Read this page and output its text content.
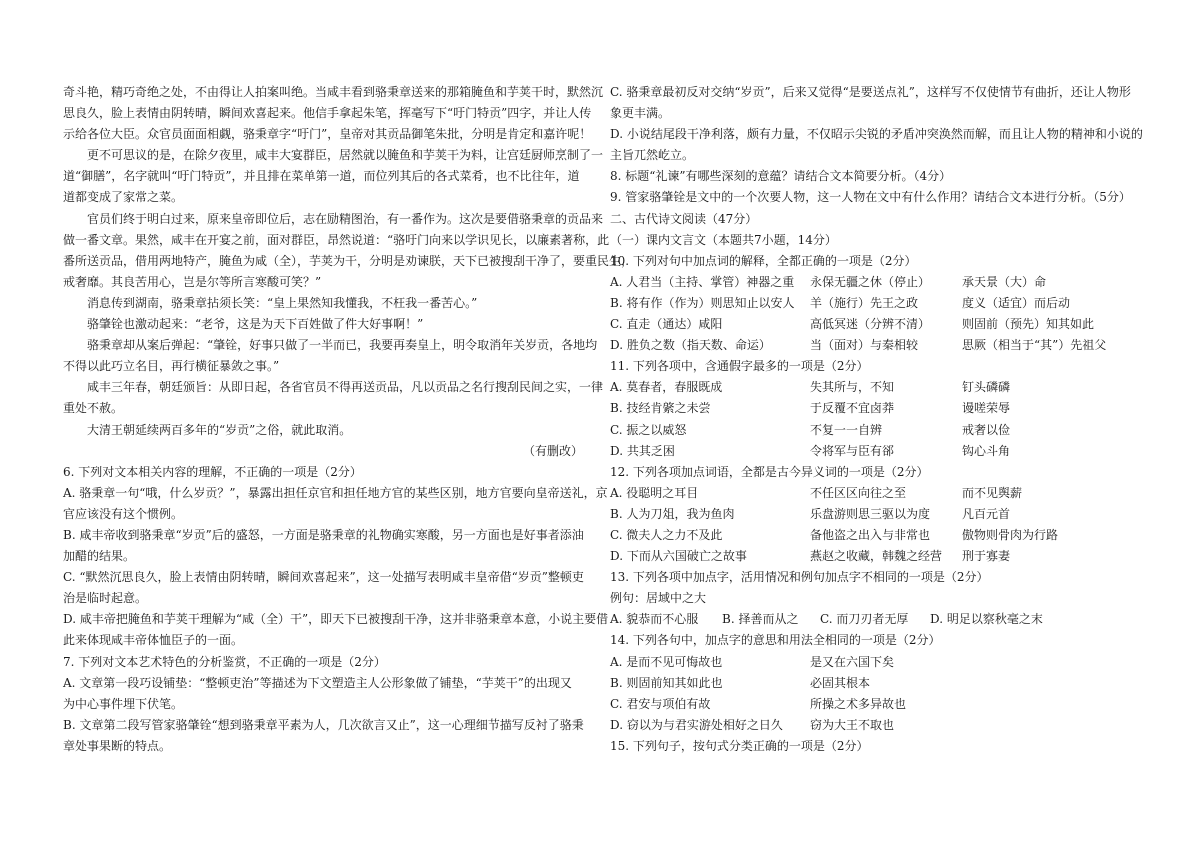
奇斗艳，精巧奇绝之处，不由得让人拍案叫绝。当咸丰看到骆秉章送来的那箱腌鱼和芋荚干时，默然沉
思良久，脸上表情由阴转晴，瞬间欢喜起来。他信手拿起朱笔，挥毫写下“吁门特贡”四字，并让人传
示给各位大臣。众官员面面相觑，骆秉章字“吁门”，皇帝对其贡品御笔朱批，分明是肯定和嘉许呢！
更不可思议的是，在除夕夜里，咸丰大宴群臣，居然就以腌鱼和芋荚干为料，让宫廷厨师烹制了一
道“御膳”，名字就叫“吁门特贡”，并且排在菜单第一道，而位列其后的各式菜肴，也不比往年，道
道都变成了家常之菜。
官员们终于明白过来，原来皇帝即位后，志在励精图治，有一番作为。这次是要借骆秉章的贡品来
做一番文章。果然，咸丰在开宴之前，面对群臣，昂然说道：“骆吁门向来以学识见长，以廉素著称，此
番所送贡品，借用两地特产，腌鱼为咸（全），芋荚为干，分明是劝谏朕，天下已被搜刮干净了，要重民生，
戒奢靡。其良苦用心，岂是尔等所言寒酸可笑？”
消息传到湖南，骆秉章拈须长笑：“皇上果然知我懂我，不枉我一番苦心。”
骆肇铨也激动起来：“老爷，这是为天下百姓做了件大好事啊！”
骆秉章却从案后弹起：“肇铨，好事只做了一半而已，我要再奏皇上，明令取消年关岁贡，各地均
不得以此巧立名目，再行横征暴敛之事。”
咸丰三年春，朝廷颁旨：从即日起，各省官员不得再送贡品，凡以贡品之名行搜刮民间之实，一律
重处不赦。
大清王朝延续两百多年的“岁贡”之俗，就此取消。
（有删改）
6. 下列对文本相关内容的理解，不正确的一项是（2分）
A. 骆秉章一句“哦，什么岁贡？”，暴露出担任京官和担任地方官的某些区别，地方官要向皇帝送礼，京
官应该没有这个惯例。
B. 咸丰帝收到骆秉章“岁贡”后的盛怒，一方面是骆秉章的礼物确实寒酸，另一方面也是好事者添油
加醋的结果。
C. “默然沉思良久，脸上表情由阴转晴，瞬间欢喜起来”，这一处描写表明咸丰皇帝借“岁贡”整顿吏
治是临时起意。
D. 咸丰帝把腌鱼和芋荚干理解为“咸（全）干”，即天下已被搜刮干净，这并非骆秉章本意，小说主要借
此来体现咸丰帝体恤臣子的一面。
7. 下列对文本艺术特色的分析鉴赏，不正确的一项是（2分）
A. 文章第一段巧设铺垫：“整顿吏治”等描述为下文塑造主人公形象做了铺垫，“芋荚干”的出现又
为中心事件埋下伏笔。
B. 文章第二段写管家骆肇铨“想到骆秉章平素为人，几次欲言又止”，这一心理细节描写反衬了骆秉
章处事果断的特点。
C. 骆秉章最初反对交纳“岁贡”，后来又觉得“是要送点礼”，这样写不仅使情节有曲折，还让人物形
象更丰满。
D. 小说结尾段干净利落，颇有力量，不仅昭示尖锐的矛盾冲突涣然而解，而且让人物的精神和小说的
主旨兀然屹立。
8. 标题“礼谏”有哪些深刻的意蕴？请结合文本简要分析。（4分）
9. 管家骆肇铨是文中的一个次要人物，这一人物在文中有什么作用？请结合文本进行分析。（5分）
二、古代诗文阅读（47分）
（一）课内文言文（本题共7小题，14分）
10. 下列对句中加点词的解释，全都正确的一项是（2分）
A. 人君当（主持、掌管）神器之重 永保无疆之休（停止）	承天景（大）命
B. 将有作（作为）则思知止以安人 羊（施行）先王之政	度义（适宜）而后动
C. 直走（通达）咸阳	高低冥迷（分辨不清）	则固前（预先）知其如此
D. 胜负之数（指天数、命运）	当（面对）与秦相较	思厥（相当于“其”）先祖父
11. 下列各项中，含通假字最多的一项是（2分）
A. 莫春者，春服既成	失其所与，不知	钉头磷磷
B. 技经肯綮之未尝	于反覆不宜卤莽	谩嗟荣辱
C. 振之以威怒	不复一一自辨	戒奢以俭
D. 共其乏困	令将军与臣有郤	钩心斗角
12. 下列各项加点词语，全都是古今异义词的一项是（2分）
A. 役聪明之耳目	不任区区向往之至	而不见舆薪
B. 人为刀俎，我为鱼肉	乐盘游则思三驱以为度	凡百元首
C. 微夫人之力不及此	备他盗之出入与非常也	傲物则骨肉为行路
D. 下而从六国破亡之故事	燕赵之收藏，韩魏之经营 刑于寡妻
13. 下列各项中加点字，活用情况和例句加点字不相同的一项是（2分）
例句：居域中之大
A. 貌恭而不心服 B. 择善而从之 C. 而刀刃者无厚 D. 明足以察秋毫之末
14. 下列各句中，加点字的意思和用法全相同的一项是（2分）
A. 是而不见可悔故也	是又在六国下矣
B. 则固前知其如此也	必固其根本
C. 君安与项伯有故	所操之术多异故也
D. 窃以为与君实游处相好之日久 窃为大王不取也
15. 下列句子，按句式分类正确的一项是（2分）
